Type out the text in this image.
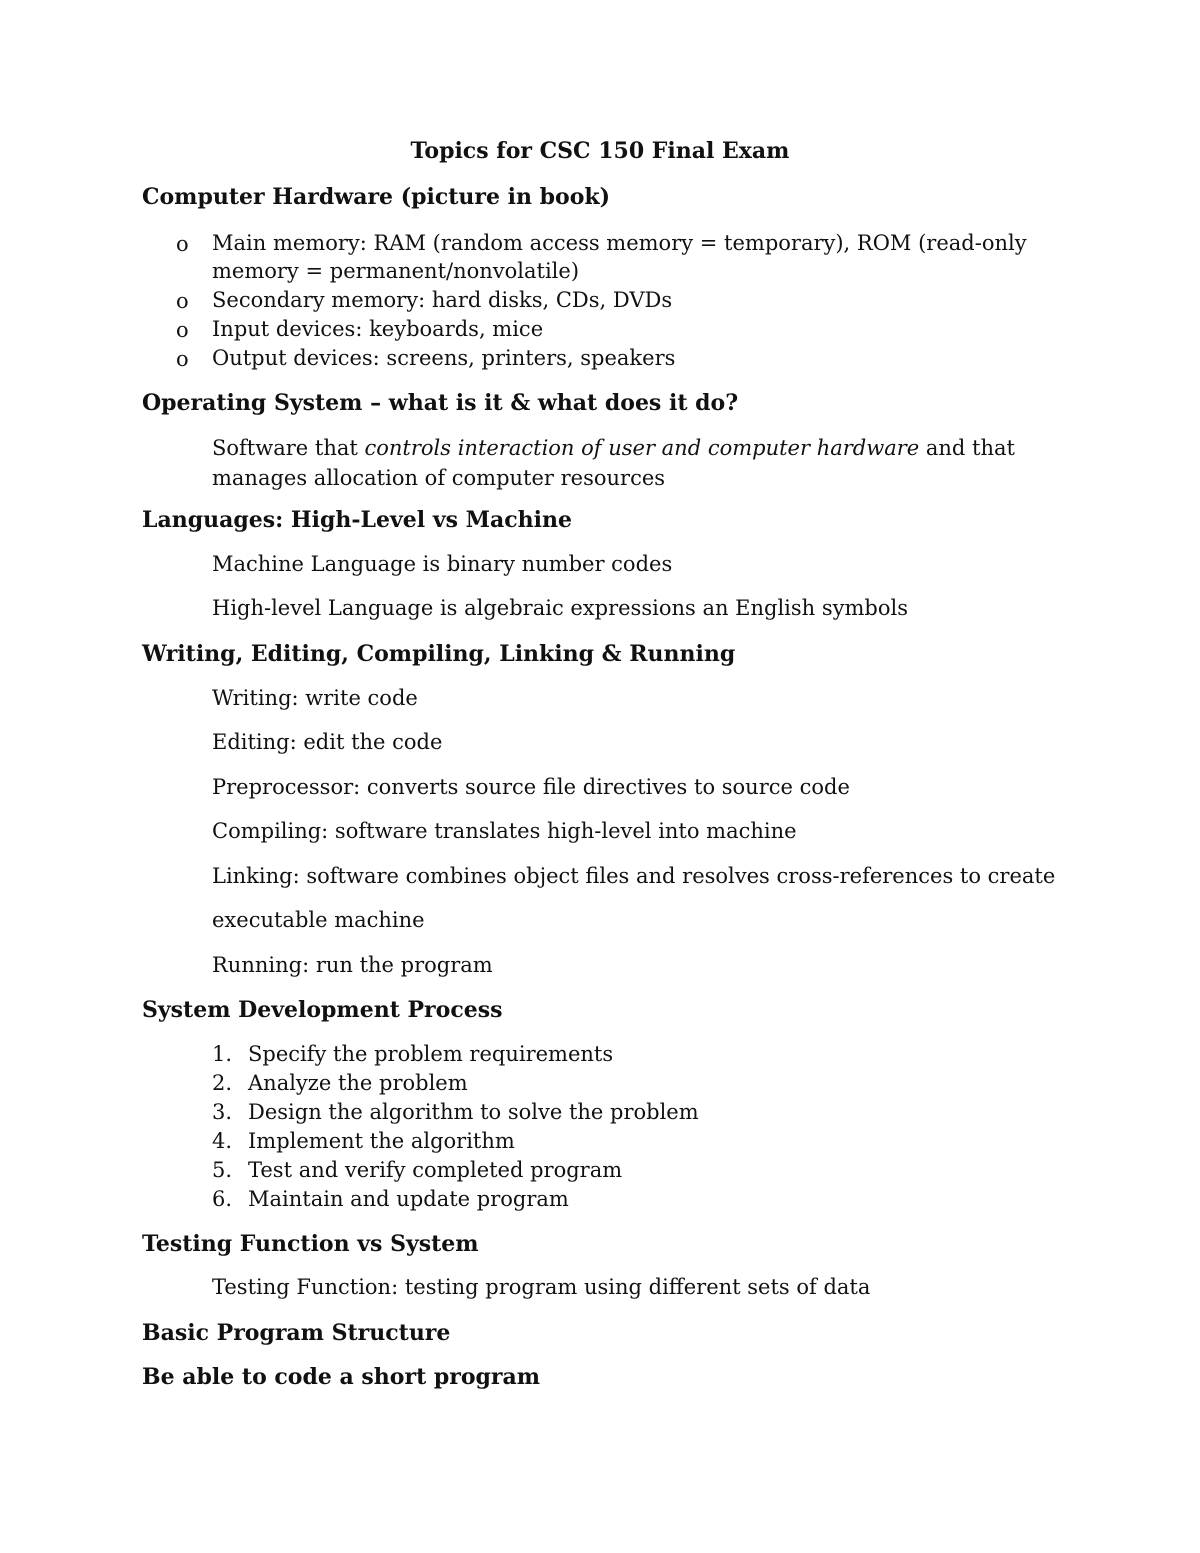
Topics for CSC 150 Final Exam
Computer Hardware (picture in book)
o Main memory: RAM (random access memory = temporary), ROM (read-only memory = permanent/nonvolatile)
o Secondary memory: hard disks, CDs, DVDs
o Input devices: keyboards, mice
o Output devices: screens, printers, speakers
Operating System – what is it & what does it do?
Software that controls interaction of user and computer hardware and that manages allocation of computer resources
Languages: High-Level vs Machine
Machine Language is binary number codes
High-level Language is algebraic expressions an English symbols
Writing, Editing, Compiling, Linking & Running
Writing: write code
Editing: edit the code
Preprocessor: converts source file directives to source code
Compiling: software translates high-level into machine
Linking: software combines object files and resolves cross-references to create
executable machine
Running: run the program
System Development Process
1. Specify the problem requirements
2. Analyze the problem
3. Design the algorithm to solve the problem
4. Implement the algorithm
5. Test and verify completed program
6. Maintain and update program
Testing Function vs System
Testing Function: testing program using different sets of data
Basic Program Structure
Be able to code a short program
